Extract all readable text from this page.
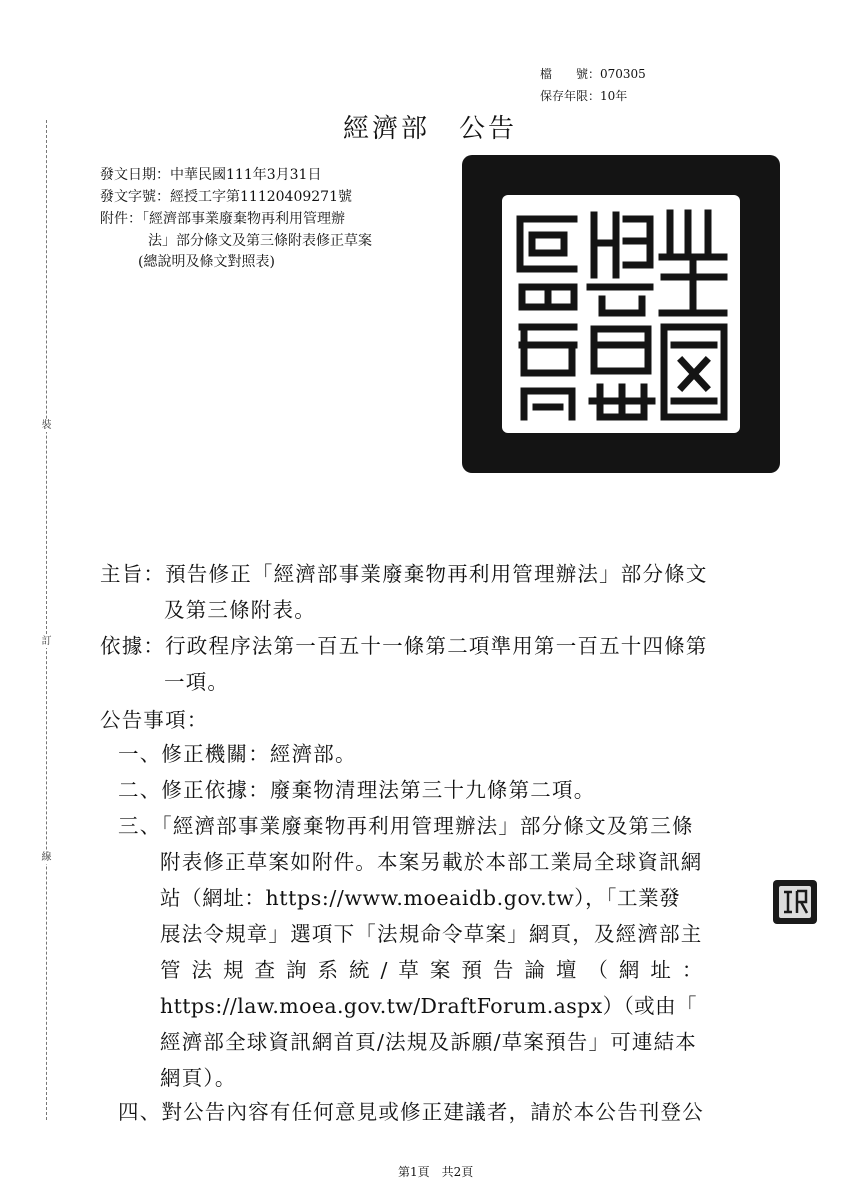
裝
訂
線
檔　　號：070305
保存年限：10年
經濟部　公告
發文日期：中華民國111年3月31日
發文字號：經授工字第11120409271號
附件：「經濟部事業廢棄物再利用管理辦
法」部分條文及第三條附表修正草案
(總說明及條文對照表)
主旨：預告修正「經濟部事業廢棄物再利用管理辦法」部分條文
及第三條附表。
依據：行政程序法第一百五十一條第二項準用第一百五十四條第
一項。
公告事項：
一、修正機關：經濟部。
二、修正依據：廢棄物清理法第三十九條第二項。
三、「經濟部事業廢棄物再利用管理辦法」部分條文及第三條
附表修正草案如附件。本案另載於本部工業局全球資訊網
站（網址：https://www.moeaidb.gov.tw），「工業發
展法令規章」選項下「法規命令草案」網頁，及經濟部主
管法規查詢系統/草案預告論壇（網址：
https://law.moea.gov.tw/DraftForum.aspx）（或由「
經濟部全球資訊網首頁/法規及訴願/草案預告」可連結本
網頁）。
四、對公告內容有任何意見或修正建議者，請於本公告刊登公
第1頁　共2頁
